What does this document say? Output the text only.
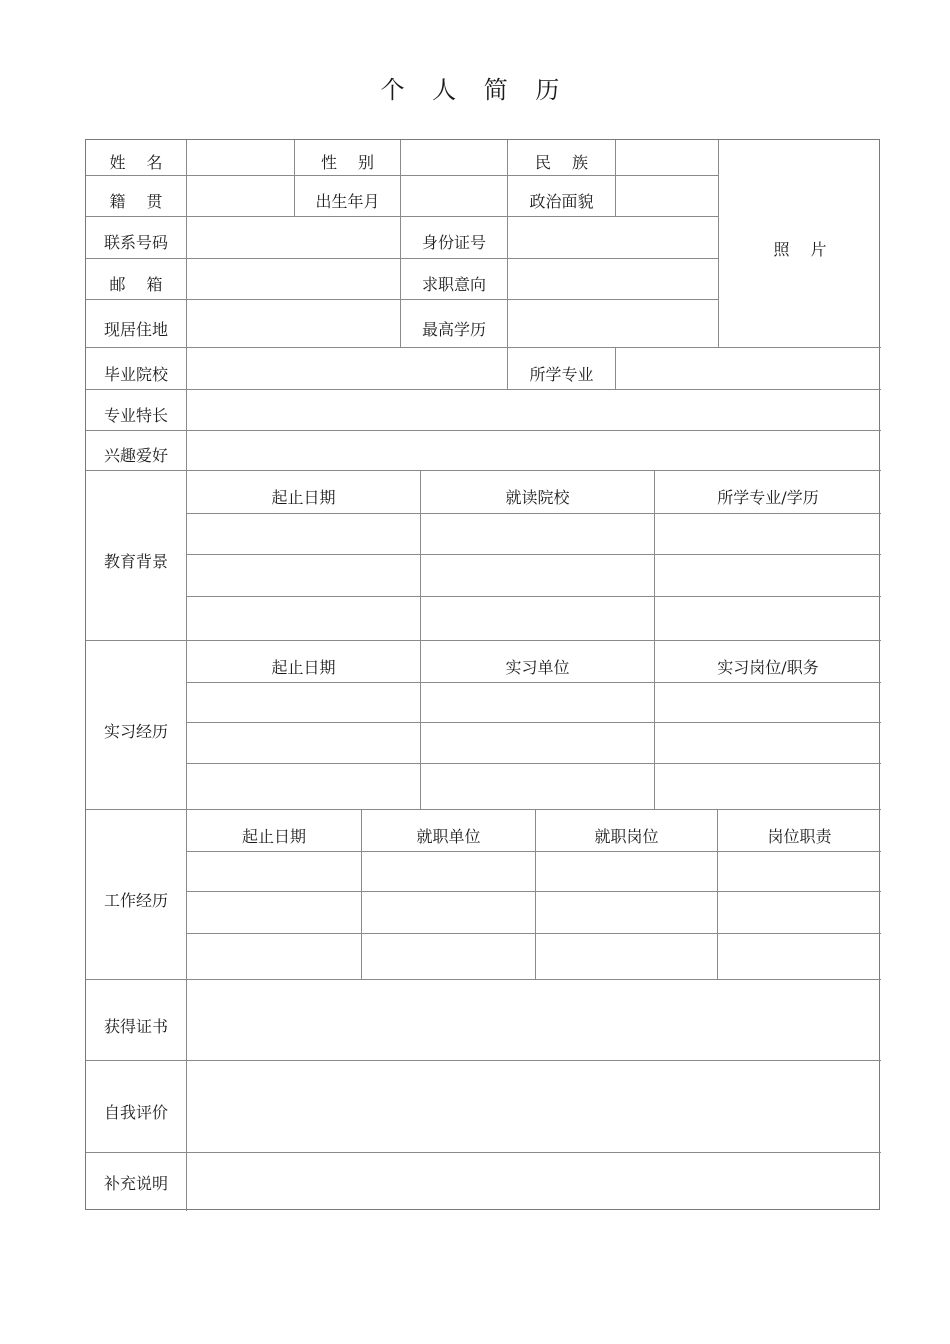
个 人 简 历
姓 名	性 别	民 族
照 片
籍 贯	出生年月	政治面貌
联系号码	身份证号
邮 箱	求职意向
现居住地	最高学历
毕业院校	所学专业
专业特长
兴趣爱好
教育背景
起止日期	就读院校	所学专业/学历
实习经历
起止日期	实习单位	实习岗位/职务
工作经历
起止日期	就职单位	就职岗位	岗位职责
获得证书
自我评价
补充说明
